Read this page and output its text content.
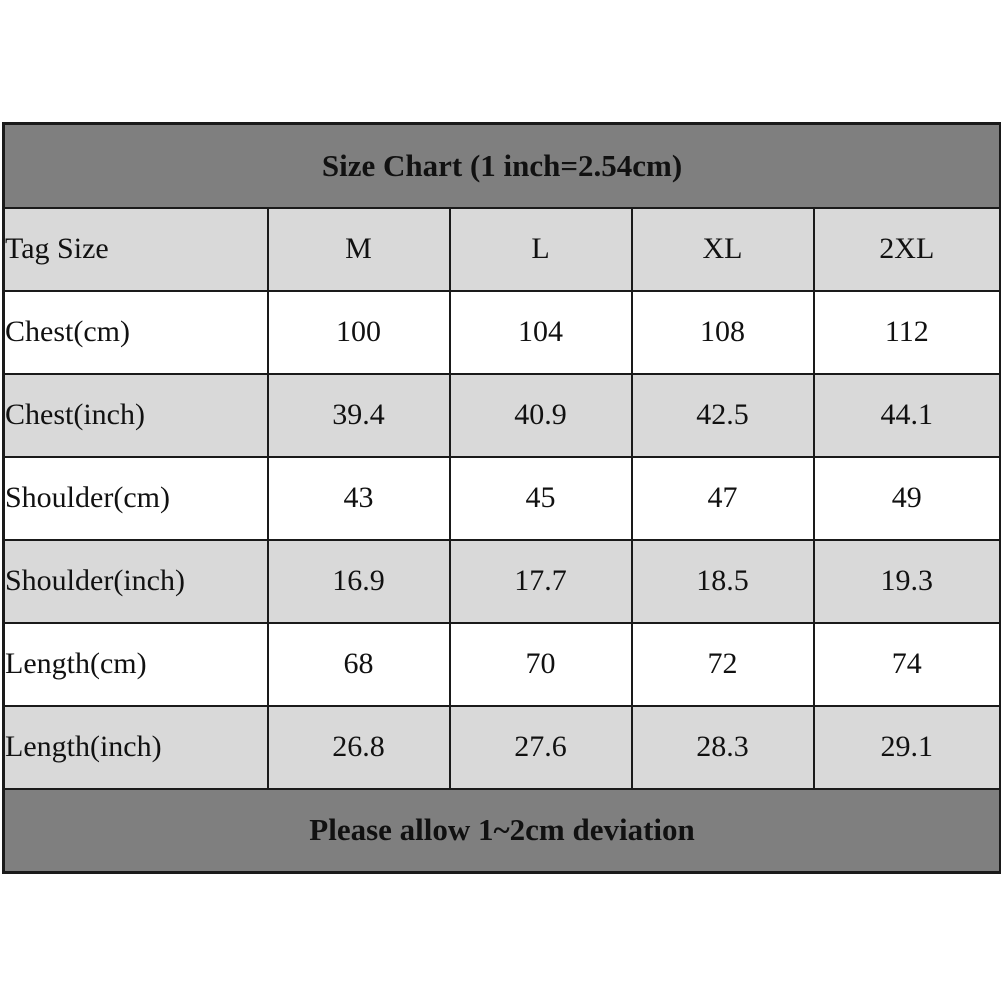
Size Chart (1 inch=2.54cm)				
Tag Size	M	L	XL	2XL
Chest(cm)	100	104	108	112
Chest(inch)	39.4	40.9	42.5	44.1
Shoulder(cm)	43	45	47	49
Shoulder(inch)	16.9	17.7	18.5	19.3
Length(cm)	68	70	72	74
Length(inch)	26.8	27.6	28.3	29.1
Please allow 1~2cm deviation				
